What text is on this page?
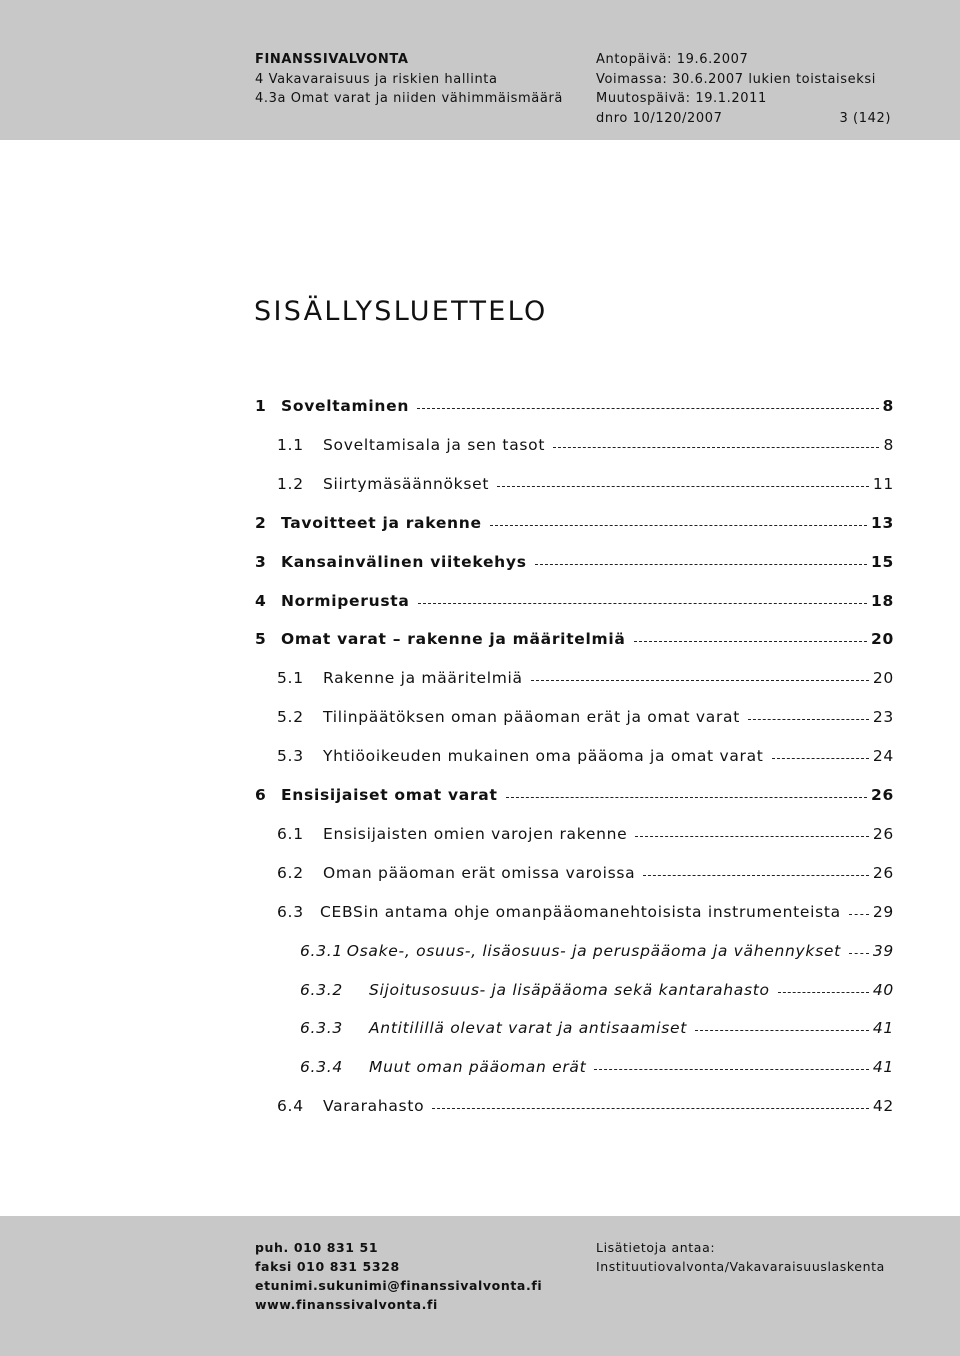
FINANSSIVALVONTA
4 Vakavaraisuus ja riskien hallinta
4.3a Omat varat ja niiden vähimmäismäärä
Antopäivä: 19.6.2007
Voimassa: 30.6.2007 lukien toistaiseksi
Muutospäivä: 19.1.2011
dnro 10/120/2007	3 (142)
SISÄLLYSLUETTELO
1 Soveltaminen	8
1.1	Soveltamisala ja sen tasot	8
1.2	Siirtymäsäännökset	11
2 Tavoitteet ja rakenne	13
3 Kansainvälinen viitekehys	15
4 Normiperusta	18
5 Omat varat – rakenne ja määritelmiä	20
5.1	Rakenne ja määritelmiä	20
5.2	Tilinpäätöksen oman pääoman erät ja omat varat	23
5.3	Yhtiöoikeuden mukainen oma pääoma ja omat varat	24
6 Ensisijaiset omat varat	26
6.1	Ensisijaisten omien varojen rakenne	26
6.2	Oman pääoman erät omissa varoissa	26
6.3	CEBSin antama ohje omanpääomanehtoisista instrumenteista 29
6.3.1 Osake-, osuus-, lisäosuus- ja peruspääoma ja vähennykset 39
6.3.2	Sijoitusosuus- ja lisäpääoma sekä kantarahasto	40
6.3.3	Antitilillä olevat varat ja antisaamiset	41
6.3.4	Muut oman pääoman erät	41
6.4	Vararahasto	42
puh. 010 831 51
faksi 010 831 5328
etunimi.sukunimi@finanssivalvonta.fi
www.finanssivalvonta.fi
Lisätietoja antaa:
Instituutiovalvonta/Vakavaraisuuslaskenta
